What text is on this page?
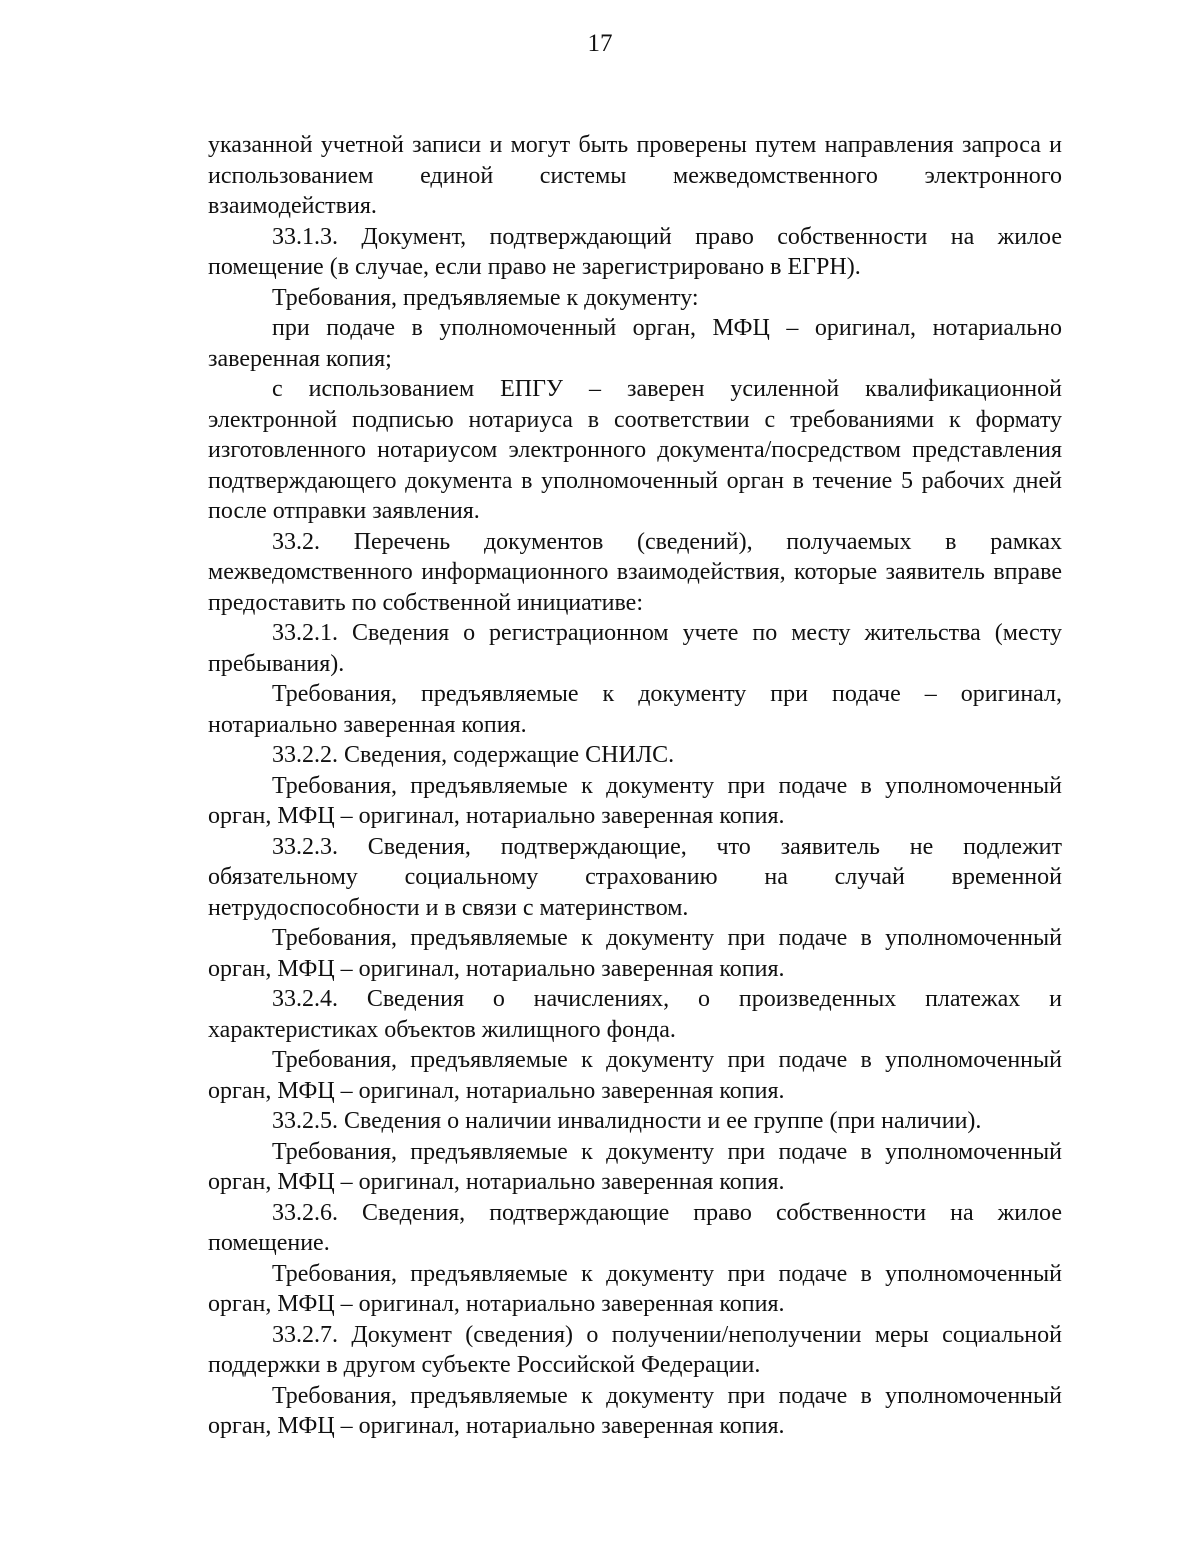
17

указанной учетной записи и могут быть проверены путем направления запроса и использованием единой системы межведомственного электронного взаимодействия.

33.1.3. Документ, подтверждающий право собственности на жилое помещение (в случае, если право не зарегистрировано в ЕГРН).

Требования, предъявляемые к документу:

при подаче в уполномоченный орган, МФЦ – оригинал, нотариально заверенная копия;

с использованием ЕПГУ – заверен усиленной квалификационной электронной подписью нотариуса в соответствии с требованиями к формату изготовленного нотариусом электронного документа/посредством представления подтверждающего документа в уполномоченный орган в течение 5 рабочих дней после отправки заявления.

33.2. Перечень документов (сведений), получаемых в рамках межведомственного информационного взаимодействия, которые заявитель вправе предоставить по собственной инициативе:

33.2.1. Сведения о регистрационном учете по месту жительства (месту пребывания).

Требования, предъявляемые к документу при подаче – оригинал, нотариально заверенная копия.

33.2.2. Сведения, содержащие СНИЛС.

Требования, предъявляемые к документу при подаче в уполномоченный орган, МФЦ – оригинал, нотариально заверенная копия.

33.2.3. Сведения, подтверждающие, что заявитель не подлежит обязательному социальному страхованию на случай временной нетрудоспособности и в связи с материнством.

Требования, предъявляемые к документу при подаче в уполномоченный орган, МФЦ – оригинал, нотариально заверенная копия.

33.2.4. Сведения о начислениях, о произведенных платежах и характеристиках объектов жилищного фонда.

Требования, предъявляемые к документу при подаче в уполномоченный орган, МФЦ – оригинал, нотариально заверенная копия.

33.2.5. Сведения о наличии инвалидности и ее группе (при наличии).

Требования, предъявляемые к документу при подаче в уполномоченный орган, МФЦ – оригинал, нотариально заверенная копия.

33.2.6. Сведения, подтверждающие право собственности на жилое помещение.

Требования, предъявляемые к документу при подаче в уполномоченный орган, МФЦ – оригинал, нотариально заверенная копия.

33.2.7. Документ (сведения) о получении/неполучении меры социальной поддержки в другом субъекте Российской Федерации.

Требования, предъявляемые к документу при подаче в уполномоченный орган, МФЦ – оригинал, нотариально заверенная копия.
